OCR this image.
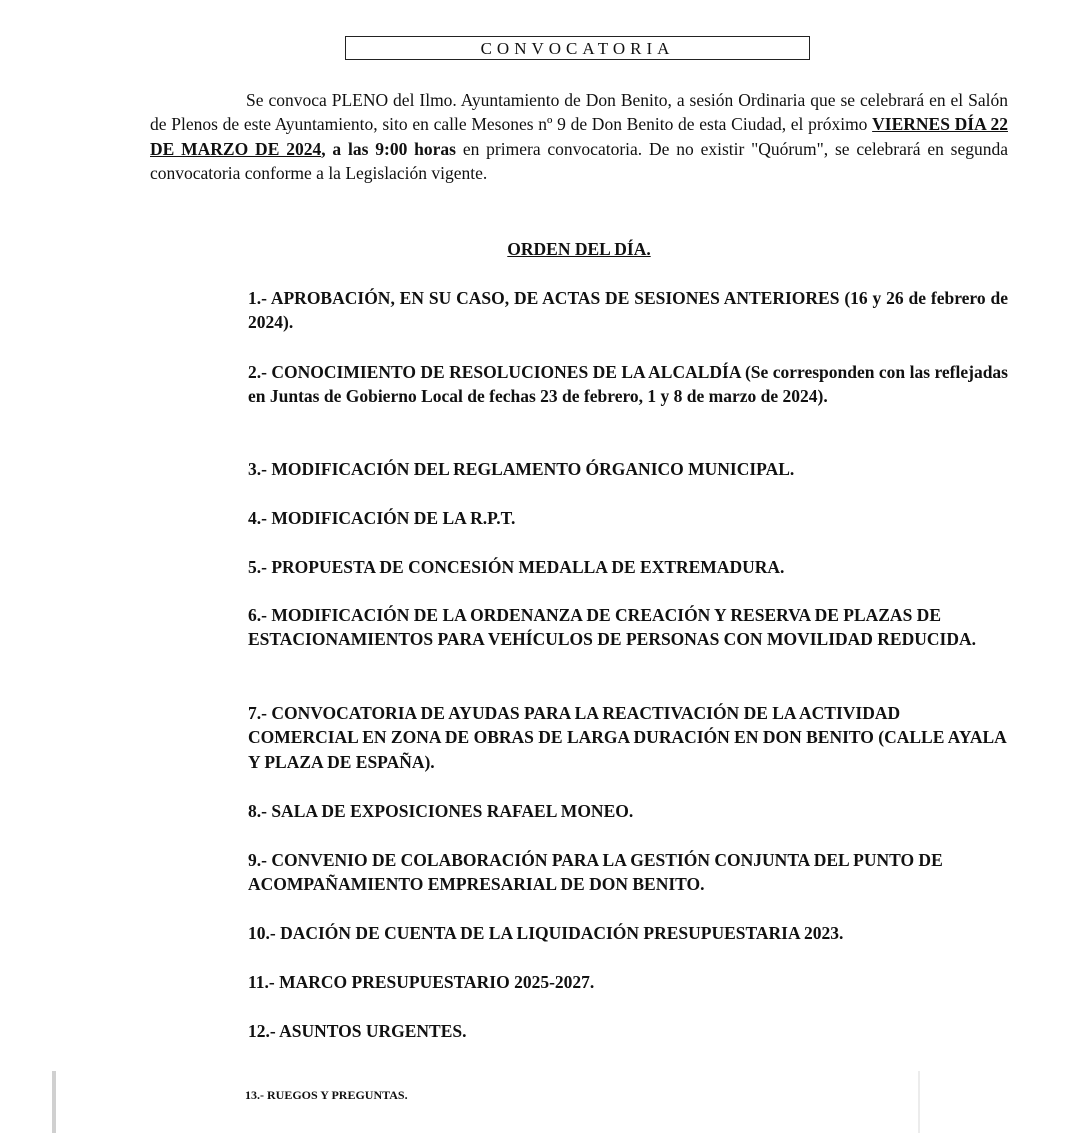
CONVOCATORIA

Se convoca PLENO del Ilmo. Ayuntamiento de Don Benito, a sesión Ordinaria que se celebrará en el Salón de Plenos de este Ayuntamiento, sito en calle Mesones nº 9 de Don Benito de esta Ciudad, el próximo VIERNES DÍA 22 DE MARZO DE 2024, a las 9:00 horas en primera convocatoria. De no existir "Quórum", se celebrará en segunda convocatoria conforme a la Legislación vigente.

ORDEN DEL DÍA.

1.- APROBACIÓN, EN SU CASO, DE ACTAS DE SESIONES ANTERIORES (16 y 26 de febrero de 2024).

2.- CONOCIMIENTO DE RESOLUCIONES DE LA ALCALDÍA (Se corresponden con las reflejadas en Juntas de Gobierno Local de fechas 23 de febrero, 1 y 8 de marzo de 2024).

3.- MODIFICACIÓN DEL REGLAMENTO ÓRGANICO MUNICIPAL.

4.- MODIFICACIÓN DE LA R.P.T.

5.- PROPUESTA DE CONCESIÓN MEDALLA DE EXTREMADURA.

6.- MODIFICACIÓN DE LA ORDENANZA DE CREACIÓN Y RESERVA DE PLAZAS DE ESTACIONAMIENTOS PARA VEHÍCULOS DE PERSONAS CON MOVILIDAD REDUCIDA.

7.- CONVOCATORIA DE AYUDAS PARA LA REACTIVACIÓN DE LA ACTIVIDAD COMERCIAL EN ZONA DE OBRAS DE LARGA DURACIÓN EN DON BENITO (CALLE AYALA Y PLAZA DE ESPAÑA).

8.- SALA DE EXPOSICIONES RAFAEL MONEO.

9.- CONVENIO DE COLABORACIÓN PARA LA GESTIÓN CONJUNTA DEL PUNTO DE ACOMPAÑAMIENTO EMPRESARIAL DE DON BENITO.

10.- DACIÓN DE CUENTA DE LA LIQUIDACIÓN PRESUPUESTARIA 2023.

11.- MARCO PRESUPUESTARIO 2025-2027.

12.- ASUNTOS URGENTES.

13.- RUEGOS Y PREGUNTAS.
